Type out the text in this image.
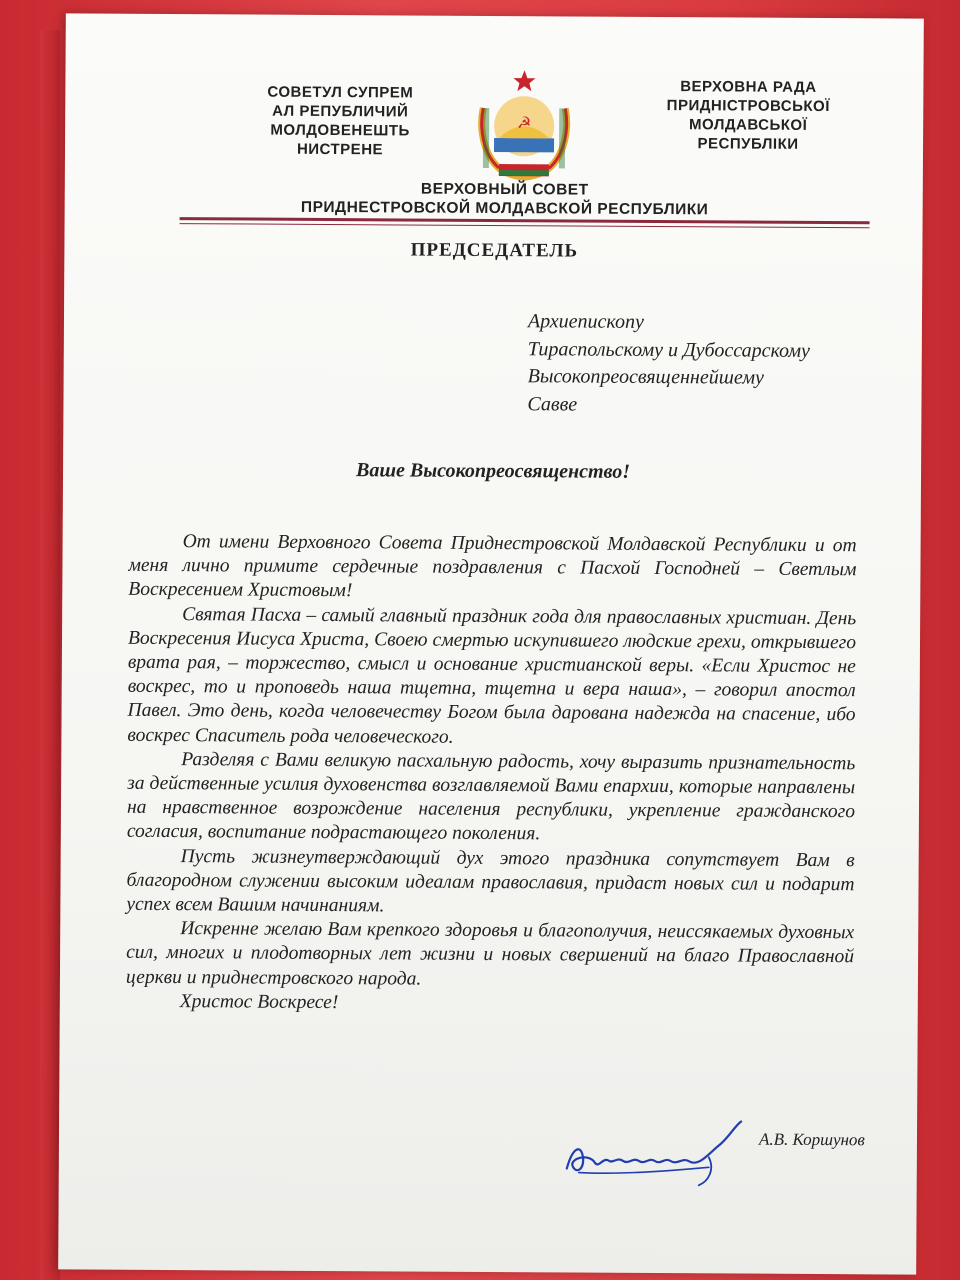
СОВЕТУЛ СУПРЕМ
АЛ РЕПУБЛИЧИЙ
МОЛДОВЕНЕШТЬ
НИСТРЕНЕ
☭
ВЕРХОВНА РАДА
ПРИДНІСТРОВСЬКОЇ
МОЛДАВСЬКОЇ
РЕСПУБЛІКИ
ВЕРХОВНЫЙ СОВЕТ
ПРИДНЕСТРОВСКОЙ МОЛДАВСКОЙ РЕСПУБЛИКИ
ПРЕДСЕДАТЕЛЬ
Архиепископу
Тираспольскому и Дубоссарскому
Высокопреосвященнейшему
Савве
Ваше Высокопреосвященство!

От имени Верховного Совета Приднестровской Молдавской Республики и от меня лично примите сердечные поздравления с Пасхой Господней – Светлым Воскресением Христовым!

Святая Пасха – самый главный праздник года для православных христиан. День Воскресения Иисуса Христа, Своею смертью искупившего людские грехи, открывшего врата рая, – торжество, смысл и основание христианской веры. «Если Христос не воскрес, то и проповедь наша тщетна, тщетна и вера наша», – говорил апостол Павел. Это день, когда человечеству Богом была дарована надежда на спасение, ибо воскрес Спаситель рода человеческого.

Разделяя с Вами великую пасхальную радость, хочу выразить признательность за действенные усилия духовенства возглавляемой Вами епархии, которые направлены на нравственное возрождение населения республики, укрепление гражданского согласия, воспитание подрастающего поколения.

Пусть жизнеутверждающий дух этого праздника сопутствует Вам в благородном служении высоким идеалам православия, придаст новых сил и подарит успех всем Вашим начинаниям.

Искренне желаю Вам крепкого здоровья и благополучия, неиссякаемых духовных сил, многих и плодотворных лет жизни и новых свершений на благо Православной церкви и приднестровского народа.

Христос Воскресе!

А.В. Коршунов
